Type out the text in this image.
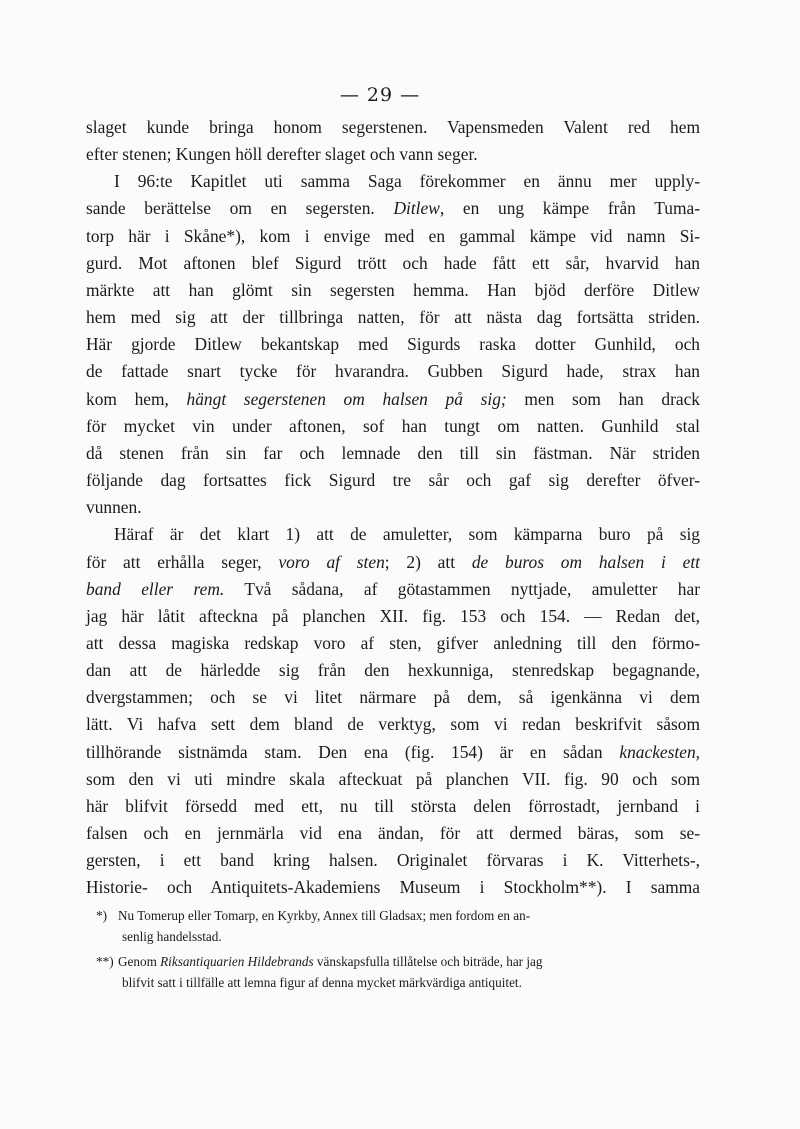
— 29 —
slaget kunde bringa honom segerstenen. Vapensmeden Valent red hem
efter stenen; Kungen höll derefter slaget och vann seger.
I 96:te Kapitlet uti samma Saga förekommer en ännu mer upply-
sande berättelse om en segersten. Ditlew, en ung kämpe från Tuma-
torp här i Skåne*), kom i envige med en gammal kämpe vid namn Si-
gurd. Mot aftonen blef Sigurd trött och hade fått ett sår, hvarvid han
märkte att han glömt sin segersten hemma. Han bjöd derföre Ditlew
hem med sig att der tillbringa natten, för att nästa dag fortsätta striden.
Här gjorde Ditlew bekantskap med Sigurds raska dotter Gunhild, och
de fattade snart tycke för hvarandra. Gubben Sigurd hade, strax han
kom hem, hängt segerstenen om halsen på sig; men som han drack
för mycket vin under aftonen, sof han tungt om natten. Gunhild stal
då stenen från sin far och lemnade den till sin fästman. När striden
följande dag fortsattes fick Sigurd tre sår och gaf sig derefter öfver-
vunnen.
Häraf är det klart 1) att de amuletter, som kämparna buro på sig
för att erhålla seger, voro af sten; 2) att de buros om halsen i ett
band eller rem. Två sådana, af götastammen nyttjade, amuletter har
jag här låtit afteckna på planchen XII. fig. 153 och 154. — Redan det,
att dessa magiska redskap voro af sten, gifver anledning till den förmo-
dan att de härledde sig från den hexkunniga, stenredskap begagnande,
dvergstammen; och se vi litet närmare på dem, så igenkänna vi dem
lätt. Vi hafva sett dem bland de verktyg, som vi redan beskrifvit såsom
tillhörande sistnämda stam. Den ena (fig. 154) är en sådan knackesten,
som den vi uti mindre skala afteckuat på planchen VII. fig. 90 och som
här blifvit försedd med ett, nu till största delen förrostadt, jernband i
falsen och en jernmärla vid ena ändan, för att dermed bäras, som se-
gersten, i ett band kring halsen. Originalet förvaras i K. Vitterhets-,
Historie- och Antiquitets-Akademiens Museum i Stockholm**). I samma
*) Nu Tomerup eller Tomarp, en Kyrkby, Annex till Gladsax; men fordom en an-
senlig handelsstad.
**) Genom Riksantiquarien Hildebrands vänskapsfulla tillåtelse och biträde, har jag
blifvit satt i tillfälle att lemna figur af denna mycket märkvärdiga antiquitet.
